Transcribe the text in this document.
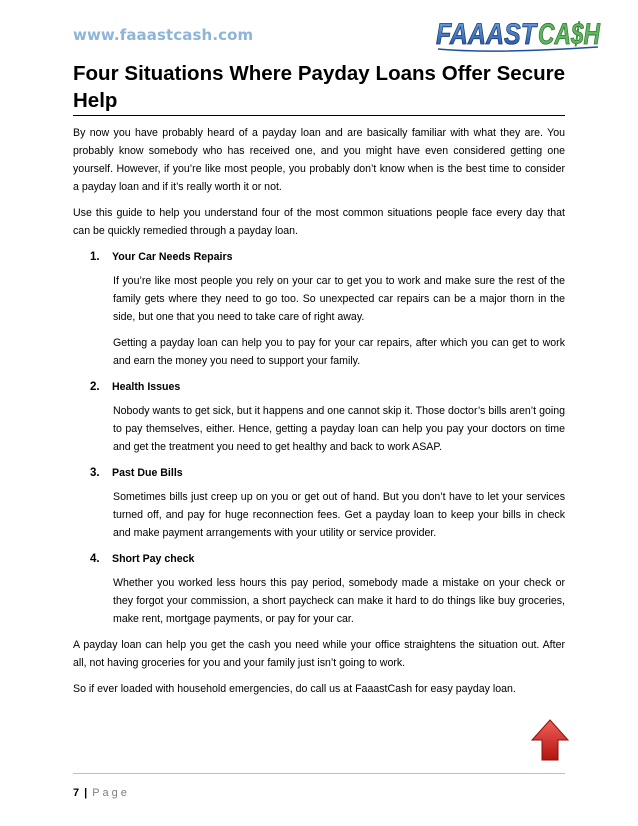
www.faaastcash.com	FAAAST CA$H
Four Situations Where Payday Loans Offer Secure Help

By now you have probably heard of a payday loan and are basically familiar with what they are. You probably know somebody who has received one, and you might have even considered getting one yourself. However, if you’re like most people, you probably don’t know when is the best time to consider a payday loan and if it’s really worth it or not.

Use this guide to help you understand four of the most common situations people face every day that can be quickly remedied through a payday loan.

1.	Your Car Needs Repairs

If you’re like most people you rely on your car to get you to work and make sure the rest of the family gets where they need to go too. So unexpected car repairs can be a major thorn in the side, but one that you need to take care of right away.

Getting a payday loan can help you to pay for your car repairs, after which you can get to work and earn the money you need to support your family.

2.	Health Issues

Nobody wants to get sick, but it happens and one cannot skip it. Those doctor’s bills aren’t going to pay themselves, either. Hence, getting a payday loan can help you pay your doctors on time and get the treatment you need to get healthy and back to work ASAP.

3.	Past Due Bills

Sometimes bills just creep up on you or get out of hand. But you don’t have to let your services turned off, and pay for huge reconnection fees. Get a payday loan to keep your bills in check and make payment arrangements with your utility or service provider.

4.	Short Pay check

Whether you worked less hours this pay period, somebody made a mistake on your check or they forgot your commission, a short paycheck can make it hard to do things like buy groceries, make rent, mortgage payments, or pay for your car.

A payday loan can help you get the cash you need while your office straightens the situation out. After all, not having groceries for you and your family just isn’t going to work.

So if ever loaded with household emergencies, do call us at FaaastCash for easy payday loan.

7 | Page
